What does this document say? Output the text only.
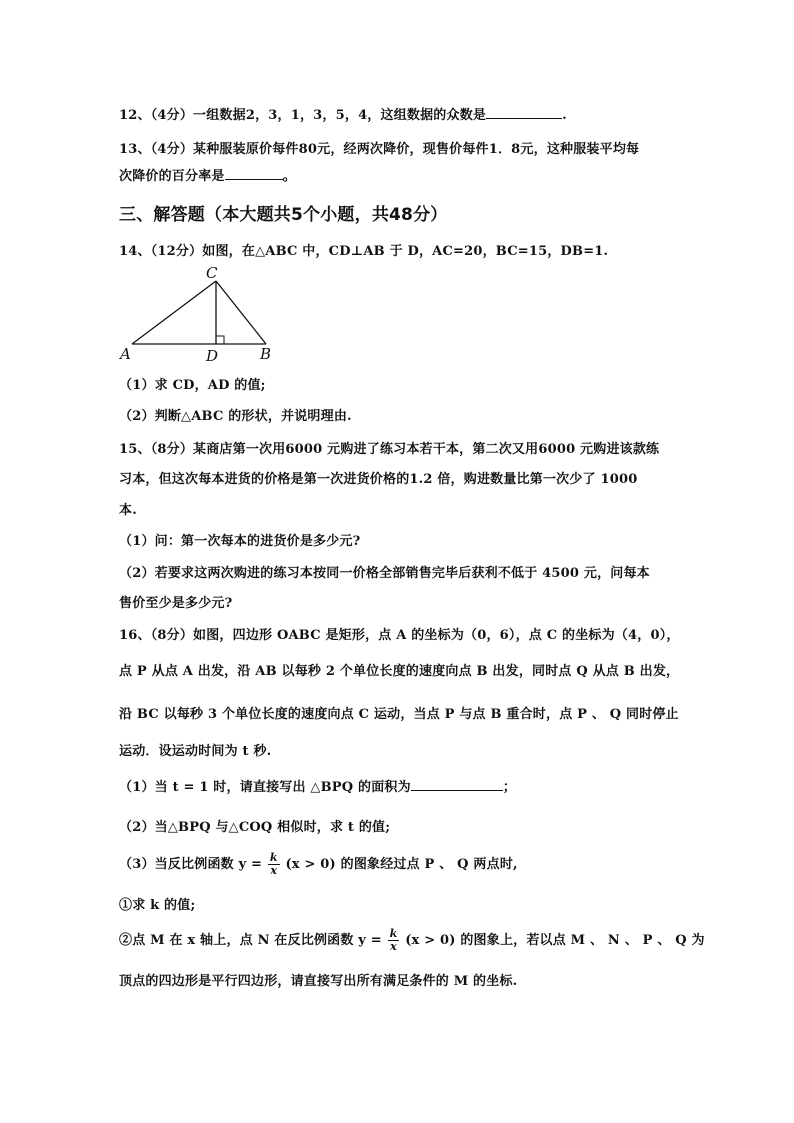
12、（4分）一组数据2，3，1，3，5，4，这组数据的众数是	.
13、（4分）某种服装原价每件80元，经两次降价，现售价每件1．8元，这种服装平均每
次降价的百分率是	。
三、解答题（本大题共5个小题，共48分）
14、（12分）如图，在△ABC 中，CD⊥AB 于 D，AC=20，BC=15，DB=1.
C
A	D	B
（1）求 CD，AD 的值;
（2）判断△ABC 的形状，并说明理由.
15、（8分）某商店第一次用6000 元购进了练习本若干本，第二次又用6000 元购进该款练
习本，但这次每本进货的价格是第一次进货价格的1.2 倍，购进数量比第一次少了 1000
本.
（1）问：第一次每本的进货价是多少元?
（2）若要求这两次购进的练习本按同一价格全部销售完毕后获利不低于 4500 元，问每本
售价至少是多少元?
16、（8分）如图，四边形 OABC 是矩形，点 A 的坐标为（0，6），点 C 的坐标为（4，0），
点 P 从点 A 出发，沿 AB 以每秒 2 个单位长度的速度向点 B 出发，同时点 Q 从点 B 出发，
沿 BC 以每秒 3 个单位长度的速度向点 C 运动，当点 P 与点 B 重合时，点 P 、 Q 同时停止
运动．设运动时间为 t 秒.
（1）当 t = 1 时，请直接写出 △BPQ 的面积为	；
（2）当△BPQ 与△COQ 相似时，求 t 的值;
（3）当反比例函数 $y = \frac{k}{x} (x > 0)$ 的图象经过点 P 、 Q 两点时,
①求 k 的值;
②点 M 在 x 轴上，点 N 在反比例函数 $y = \frac{k}{x} (x > 0)$ 的图象上，若以点 M 、 N 、 P 、 Q 为
顶点的四边形是平行四边形，请直接写出所有满足条件的 M 的坐标.
